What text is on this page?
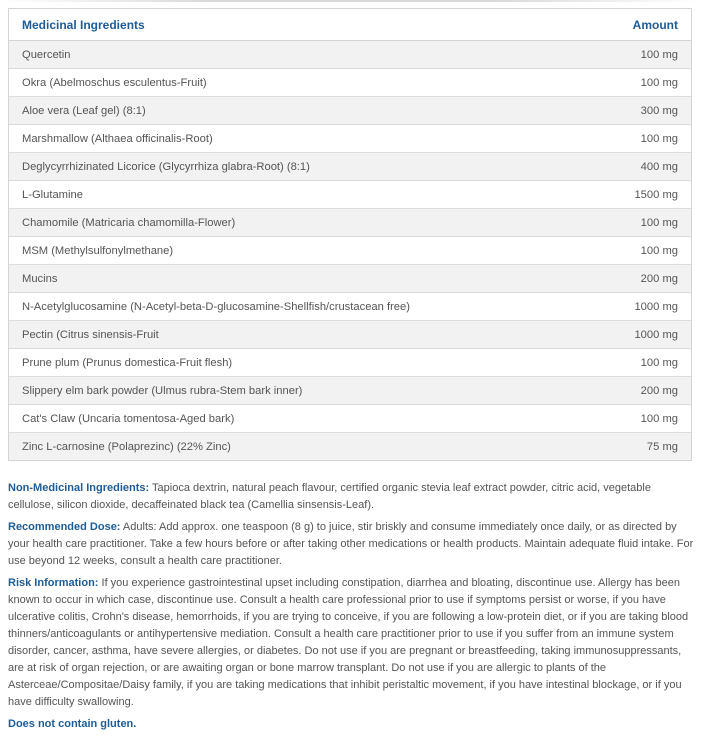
Medicinal Ingredients	Amount
Quercetin	100 mg
Okra (Abelmoschus esculentus-Fruit)	100 mg
Aloe vera (Leaf gel) (8:1)	300 mg
Marshmallow (Althaea officinalis-Root)	100 mg
Deglycyrrhizinated Licorice (Glycyrrhiza glabra-Root) (8:1)	400 mg
L-Glutamine	1500 mg
Chamomile (Matricaria chamomilla-Flower)	100 mg
MSM (Methylsulfonylmethane)	100 mg
Mucins	200 mg
N-Acetylglucosamine (N-Acetyl-beta-D-glucosamine-Shellfish/crustacean free)	1000 mg
Pectin (Citrus sinensis-Fruit	1000 mg
Prune plum (Prunus domestica-Fruit flesh)	100 mg
Slippery elm bark powder (Ulmus rubra-Stem bark inner)	200 mg
Cat's Claw (Uncaria tomentosa-Aged bark)	100 mg
Zinc L-carnosine (Polaprezinc) (22% Zinc)	75 mg

Non-Medicinal Ingredients: Tapioca dextrin, natural peach flavour, certified organic stevia leaf extract powder, citric acid, vegetable cellulose, silicon dioxide, decaffeinated black tea (Camellia sinsensis-Leaf).

Recommended Dose: Adults: Add approx. one teaspoon (8 g) to juice, stir briskly and consume immediately once daily, or as directed by your health care practitioner. Take a few hours before or after taking other medications or health products. Maintain adequate fluid intake. For use beyond 12 weeks, consult a health care practitioner.

Risk Information: If you experience gastrointestinal upset including constipation, diarrhea and bloating, discontinue use. Allergy has been known to occur in which case, discontinue use. Consult a health care professional prior to use if symptoms persist or worse, if you have ulcerative colitis, Crohn's disease, hemorrhoids, if you are trying to conceive, if you are following a low-protein diet, or if you are taking blood thinners/anticoagulants or antihypertensive mediation. Consult a health care practitioner prior to use if you suffer from an immune system disorder, cancer, asthma, have severe allergies, or diabetes. Do not use if you are pregnant or breastfeeding, taking immunosuppressants, are at risk of organ rejection, or are awaiting organ or bone marrow transplant. Do not use if you are allergic to plants of the Asterceae/Compositae/Daisy family, if you are taking medications that inhibit peristaltic movement, if you have intestinal blockage, or if you have difficulty swallowing.

Does not contain gluten.
